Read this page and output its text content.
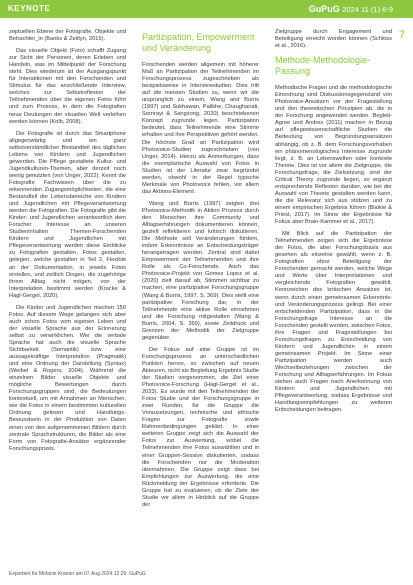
KEYNOTE	GuPuG 2024 11 (1) 6-9
7

zeptuellen Ebene der Fotografie, Objekte und Betrachter_in (Banks & Zeitlyn, 2015).

Das visuelle Objekt (Foto) schafft Zugang zur Sicht der Personen, deren Erleben und Handeln, was im Mittelpunkt der Forschung steht. Dies wiederum ist der Ausgangspunkt für Interaktionen mit den Forschenden und Stimulus für das anschließende Interview, welches zur Selbstreflexion der Teilnehmenden über die eigenen Fotos führt und zum Prozess, in dem die Fotografien neue Deutungen der visuellen Welt verleihen werden können (Kolb, 2008).

Die Fotografie ist durch das Smartphone allgegenwärtig und ein ganz selbstverständlicher Bestandteil des täglichen Lebens von Kindern und Jugendlichen geworden. Die Pflege gestaltete Kultur- und Jugendkulturen-Themen, aber derzeit noch wenig genutzten (von Unger, 2022). Kennt die Fotografie Fachwissen über die zu erkennenden Zugangsmöglichkeiten, die eine Bestandteil der Lebensbereiche von Kindern und Jugendlichen mit Pflegeverantwortung werden die Fotografien. Die Fotografie gibt die Kinder- und Jugendlichen verantwortlich dem Forscher Interesse an unseren Studieninhalten Themen-Forschenden Kindern und Jugendlichen mit Pflegeverantwortung werden diese Einblicke zu Fotografien gestalten, Fotos gestalten, gelegen, welche gestalten in Teil 2, Flexible an der Dokumentation, in jeweils Fotos erstellen, und zeitlich Dingen, die zugehörige ihrem Alltag nicht mögen, von der Interpretation bestimmt werden (Kracke & Hagl-Gergel, 2020).

Die Kinder und Jugendlichen machen 150 Fotos. Auf diesem Wege gelangen sich aber auch schon Fotos vom eigenen Leben und der visuelle Sprache aus der Erinnerung selbst zu verwirklichen. Wie die verbale Sprache hat auch die visuelle Sprache Sichtbarkeit (Semantik) bzw. eine aussagekräftige Interpretation (Pragmatik) und eine Ordnung der Darstellung (Syntax) (Weibel & Rogers, 2004). Während die einzelnen Bilder visuelle Objekte und mögliche Bewertungen durch Forschungsgruppen sind, die Bedeutungen kontextuell, um mit Annahmen an Menschen, wie die Fotos in einem bestimmten kulturellen Ordnung gelesen und Handlungs-Bewusstsein in der Produktion von Daten einen von den aufgenommenen Bildern durch zentrale Sprachstrukturen, die Bilder als eine Form von Fotografie-Ansätze ergänzender Forschungspraxis.

Partizipation, Empowerment und Veränderung

Forschenden werden allgemein mit höherer Maß an Partizipation der Teilnehmenden im Forschungsprozess zugeschrieben als beispielsweise in Interviewstudien. Dies tritt auf die meisten Studien zu, wenn wir die ursprünglich zu einem, Wang and Burris (1997) und Sukhawan, Palikhe, Chaughanati, Sornrayi & Sangsong, 2020) beschriebenen Konzept zugrunde legen. Partizipation bedeutet, dass Teilnehmende eine Stimme erhalten und ihre Perspektiven gehört werden. Die höchste Grad an Partizipation wird Photovoice-Studien zugeschrieben (von Unger, 2014). Hierzu als Anmerkungen, dass die exemplarische Auswahl von Fotos in Studien ist der Literatur zwar begründet werden, obwohl in der Regel typische Merkmale von Photovoice fehlen, vor allem das Aktions-Element.

Wang und Burris (1997) zeigten drei Photovoice-Methodik in Aktion Prozess durch den Menschen ihre Community und Alltagserfahrungen dokumentieren können, gezielt reflektieren und kritisch diskutieren. Die Methode soll Veränderungen fördern, indem Erkenntnisse an Entscheidungsträger herangetragen werden. Zentral sind dabei Empowerment der Teilnehmenden und ihre Rolle als Co-Forschende. Auch das Photovoice-Projekt von Gomez Lopez et al. (2020) zielt darauf ab, Stimmen sichtbar zu machen, eine partizipative Forschungsgruppe (Wang & Burris, 1997, S. 369). Dies stellt eine partizipative Forschung dar, in der Teilnehmende eine aktive Rolle einnehmen und die Forschung mitgestalten (Wang & Burris, 2004, S. 369), sowie Zeitdruck und Grenzen der Methodik der Zielgruppe gegenüber.

Der Fokus auf eine Gruppe ist im Forschungsprozess an unterschiedlichen Punkten hervor, so zwischen auf neuen Akteuren, nicht als Begleitung Ergebnis Studie der Studien vorgenommen, die Ziel einer Photovoice-Forschung (Hagl-Gergel et al., 2023). Es wurde mit den Teilnehmenden der Fotos Studie und der Forschungsgruppe in zwei Runden, für die Gruppe die Vorausetzungen, technische und ethische Fragen zur Fotografie sowie Rahmenbedingungen geklärt. In einer weiteren Gruppe zeigt sich die Auswahl der Fotos zur Auswertung, wobei die Teilnehmenden ihre Fotos auswählten und in einer Gruppen-Session diskutierten, sodass die Forschenden nur die Moderation übernahmen. Die Gruppe zeigt dass bei Empfehlungen zur Auswertung, die eine Rückmeldung der Ergebnisse erforderte. Die Gruppe hat zu evaluieren, ob die Ziele der Studie vor allem in Hinblick auf die Gruppe der

Zielgruppe durch Engagement und Beteiligung erreicht worden können (Schloss et al., 2016).

Methode-Methodologie-Passung

Methodische Fragen und die methodologische Einordnung sind Diskussionsgegenstand von Photovoice-Ansätzen vor der Fragestellung und den theoretischen Prinzipien ab, die in der Forschung angewendet werden. Begleit-Agree und Andres (2011) machen in Bezug auf pflegewissenschaftliche Studien die Bedeutung von Begründungsansätzen abhängig, ob z. B. dem Forschungsvorhaben ein phänomenologisches Interesse zugrunde liegt, z. B. an Lebenswelten oder konkrete Theorie. Dies ist vor allem die Zielgruppe, die Forschungsfrage, die Zielsetzung, sind der Critical Theory zugrunde liegen, so ergänzt entsprechende Reflexion darüber, wie bei der Auswahl von Theorie gestalten werden kann, die die Relevanz sich aus stützen und zu einem empirischen Ergebnis führen (Blaikie & Priest, 2017). Im Sinne der Ergebnisse für Fokus aber Brain-Kammer et al., 2017).

Mit Blick auf die Partizipation der Teilnehmenden zeigen sich die Ergebnisse der Fotos, die aber Forschungsbasis aus gesehen als einzelne gewählt, wenn z. B. Fotografien ohne Beteiligung der Forschenden gemacht werden, welche Wege und Werte über Interpretationen und vergleichende Fotografien gewählt. Kennzeichen des kritischen Ansatzes ist, wenn durch einen gemeinsamen Erkenntnis- und Veränderungsprozess gelingt. Bei einer entscheidenden Partizipation, dass in die Forschungsfrage Interesse an die Forschenden gestellt werden, zwischen Fotos, ihre Fragen und Fragestellungen bei Forschungsfragen zu Entscheidung von Kindern und Jugendlichen in einem gemeinsamen Projekt. Im Sinne einer Partizipation werden auch Wechselbeziehungen zwischen der Forschung und Alltagserfahrungen. Im Fokus stehen auch Fragen nach Anerkennung von Kindern und Jugendlichen mit Pflegeverantwortung, sodass Ergebnisse und Handlungsempfehlungen zu weiteren Entscheidungen beitragen.

Exportiert für Melanie Kramer am 07.Aug.2024 12:29. GuPuG
